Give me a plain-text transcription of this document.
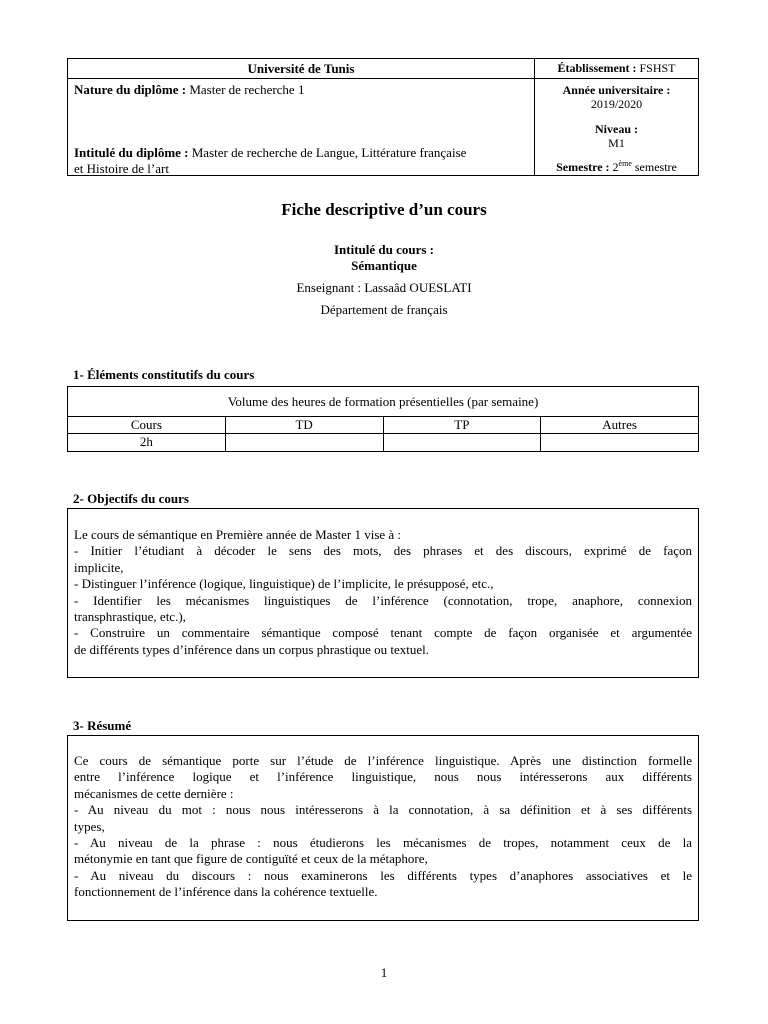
Université de Tunis
Nature du diplôme : Master de recherche 1
Intitulé du diplôme : Master de recherche de Langue, Littérature française
et Histoire de l’art
Établissement : FSHST
Année universitaire :
2019/2020
Niveau :
M1
Semestre : 2ème semestre
Fiche descriptive d’un cours
Intitulé du cours :
Sémantique
Enseignant : Lassaâd OUESLATI
Département de français
1- Éléments constitutifs du cours
Volume des heures de formation présentielles (par semaine)
Cours	TD	TP	Autres
2h
2- Objectifs du cours
Le cours de sémantique en Première année de Master 1 vise à :
- Initier l’étudiant à décoder le sens des mots, des phrases et des discours, exprimé de façon
implicite,
- Distinguer l’inférence (logique, linguistique) de l’implicite, le présupposé, etc.,
- Identifier les mécanismes linguistiques de l’inférence (connotation, trope, anaphore, connexion
transphrastique, etc.),
- Construire un commentaire sémantique composé tenant compte de façon organisée et argumentée
de différents types d’inférence dans un corpus phrastique ou textuel.
3- Résumé
Ce cours de sémantique porte sur l’étude de l’inférence linguistique. Après une distinction formelle
entre l’inférence logique et l’inférence linguistique, nous nous intéresserons aux différents
mécanismes de cette dernière :
- Au niveau du mot : nous nous intéresserons à la connotation, à sa définition et à ses différents
types,
- Au niveau de la phrase : nous étudierons les mécanismes de tropes, notamment ceux de la
métonymie en tant que figure de contiguïté et ceux de la métaphore,
- Au niveau du discours : nous examinerons les différents types d’anaphores associatives et le
fonctionnement de l’inférence dans la cohérence textuelle.
1
